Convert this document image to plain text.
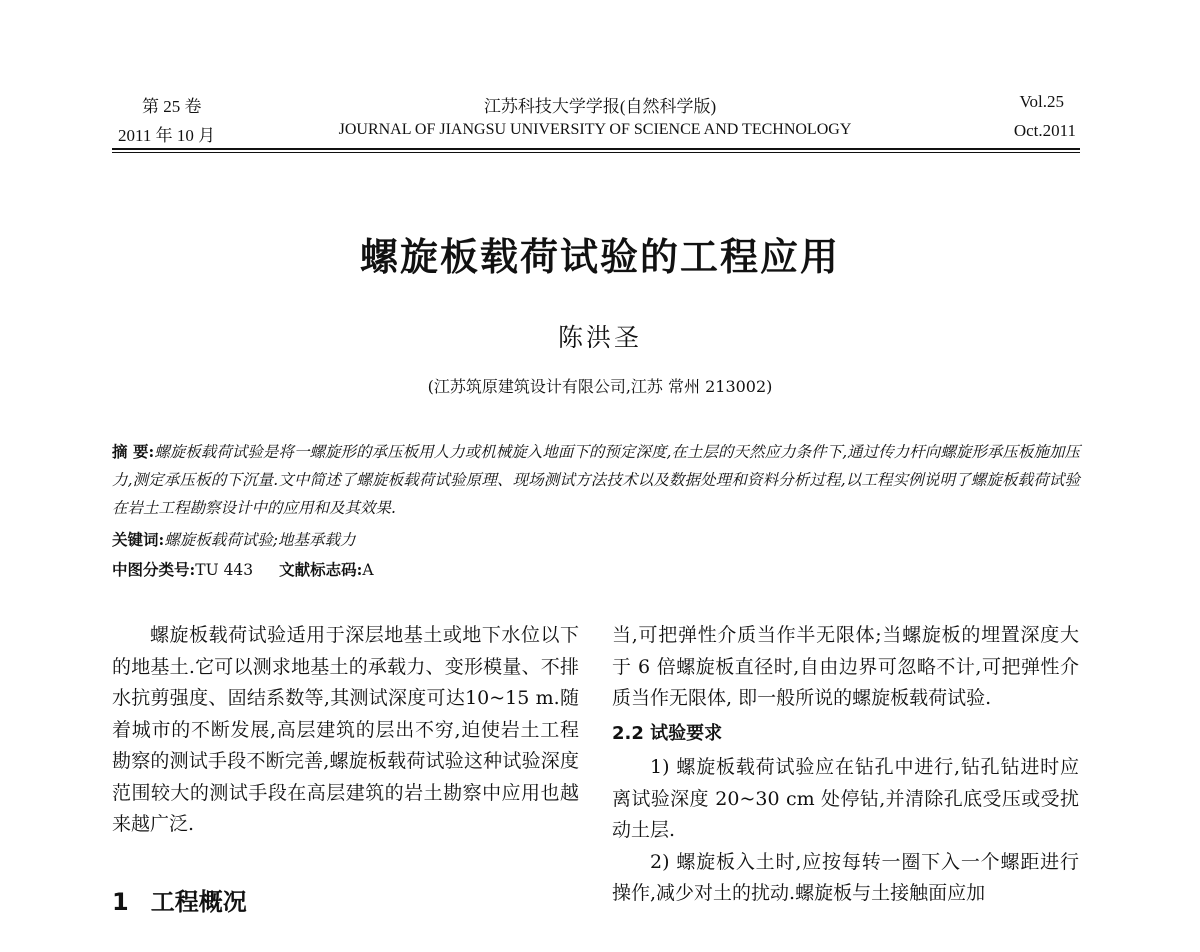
第 25 卷
2011 年 10 月
江苏科技大学学报(自然科学版)
JOURNAL OF JIANGSU UNIVERSITY OF SCIENCE AND TECHNOLOGY
Vol.25
Oct.2011
螺旋板载荷试验的工程应用
陈洪圣
(江苏筑原建筑设计有限公司,江苏 常州 213002)
摘 要:螺旋板载荷试验是将一螺旋形的承压板用人力或机械旋入地面下的预定深度,在土层的天然应力条件下,通过传力杆向螺旋形承压板施加压力,测定承压板的下沉量.文中简述了螺旋板载荷试验原理、现场测试方法技术以及数据处理和资料分析过程,以工程实例说明了螺旋板载荷试验在岩土工程勘察设计中的应用和及其效果.
关键词:螺旋板载荷试验;地基承载力
中图分类号:TU 443 文献标志码:A

螺旋板载荷试验适用于深层地基土或地下水位以下的地基土.它可以测求地基土的承载力、变形模量、不排水抗剪强度、固结系数等,其测试深度可达10~15 m.随着城市的不断发展,高层建筑的层出不穷,迫使岩土工程勘察的测试手段不断完善,螺旋板载荷试验这种试验深度范围较大的测试手段在高层建筑的岩土勘察中应用也越来越广泛.

1 工程概况

当,可把弹性介质当作半无限体;当螺旋板的埋置深度大于 6 倍螺旋板直径时,自由边界可忽略不计,可把弹性介质当作无限体, 即一般所说的螺旋板载荷试验.

2.2 试验要求

1) 螺旋板载荷试验应在钻孔中进行,钻孔钻进时应离试验深度 20~30 cm 处停钻,并清除孔底受压或受扰动土层.

2) 螺旋板入土时,应按每转一圈下入一个螺距进行操作,减少对土的扰动.螺旋板与土接触面应加
